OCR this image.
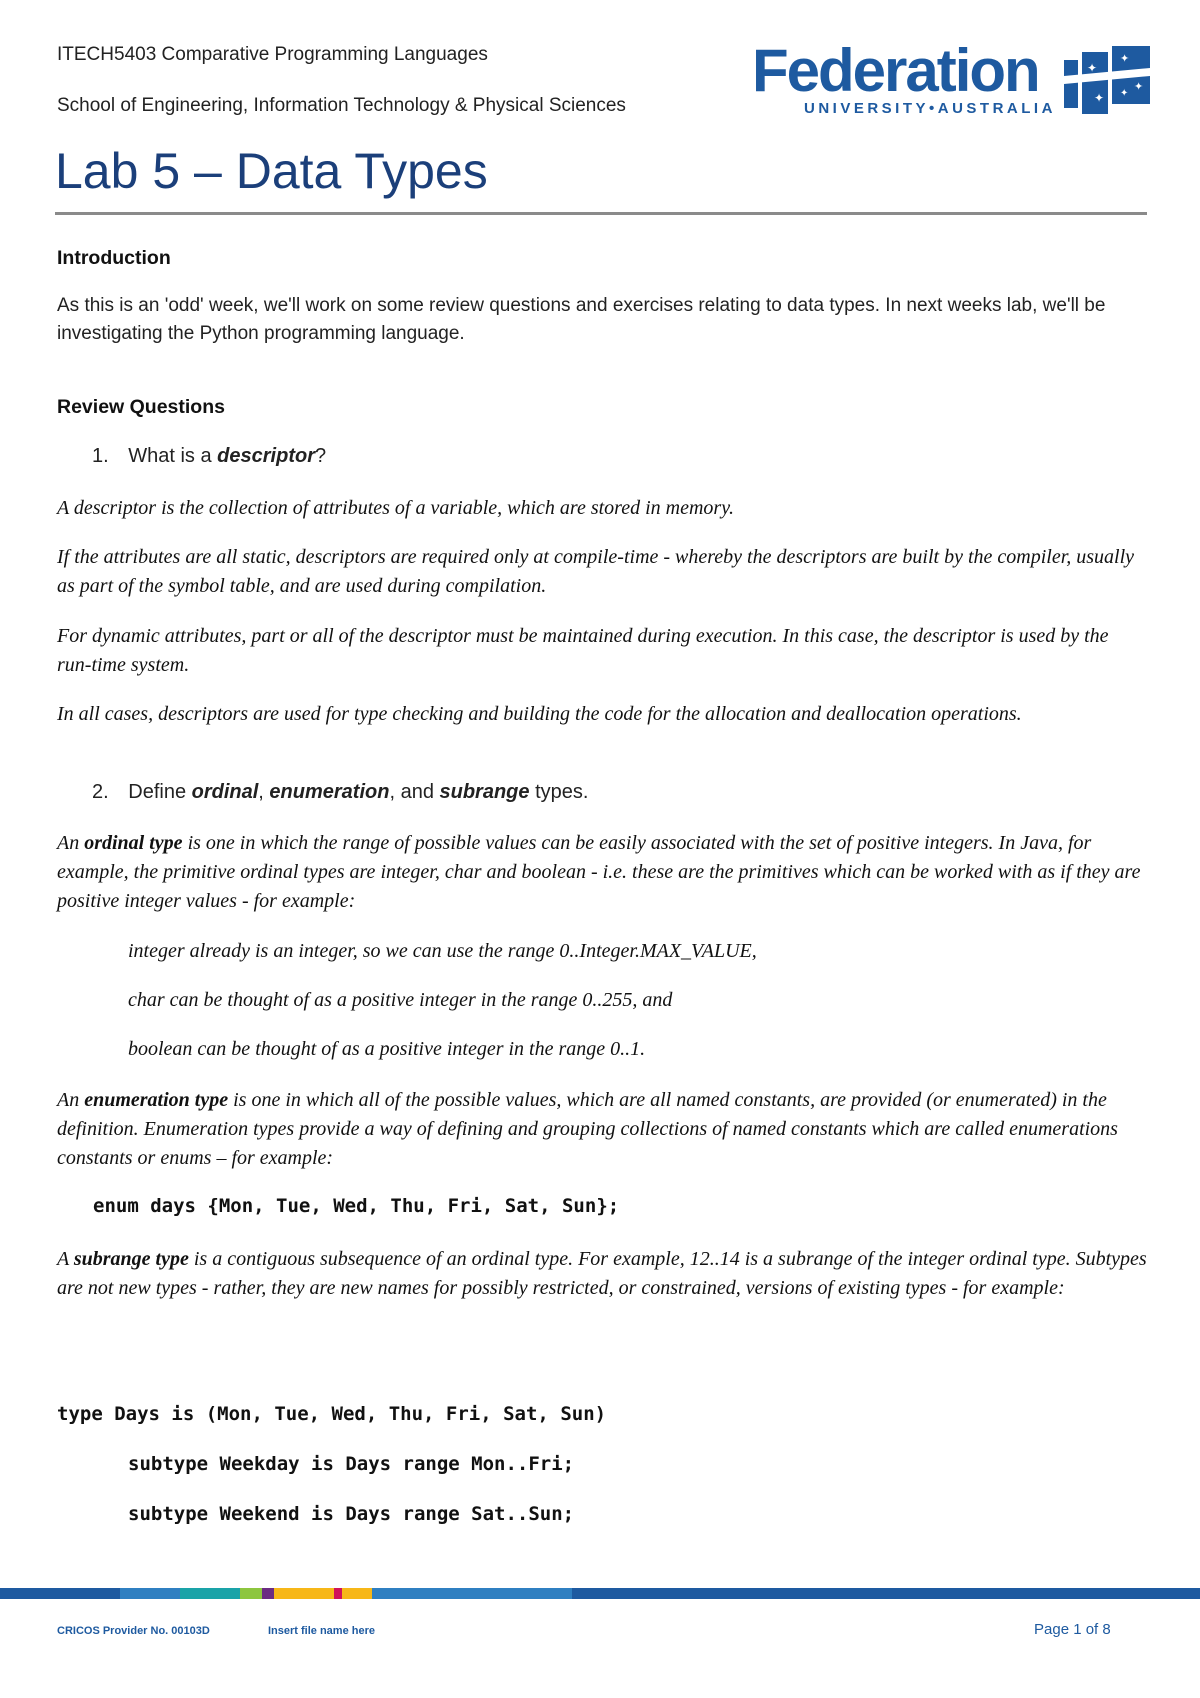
ITECH5403 Comparative Programming Languages
School of Engineering, Information Technology & Physical Sciences
Federation
UNIVERSITY•AUSTRALIA
✦
✦
✦
✦
✦
Lab 5 – Data Types
Introduction
As this is an 'odd' week, we'll work on some review questions and exercises relating to data types. In next weeks lab, we'll be investigating the Python programming language.
Review Questions
1. What is a descriptor?
A descriptor is the collection of attributes of a variable, which are stored in memory.
If the attributes are all static, descriptors are required only at compile-time - whereby the descriptors are built by the compiler, usually as part of the symbol table, and are used during compilation.
For dynamic attributes, part or all of the descriptor must be maintained during execution. In this case, the descriptor is used by the run-time system.
In all cases, descriptors are used for type checking and building the code for the allocation and deallocation operations.
2. Define ordinal, enumeration, and subrange types.
An ordinal type is one in which the range of possible values can be easily associated with the set of positive integers. In Java, for example, the primitive ordinal types are integer, char and boolean - i.e. these are the primitives which can be worked with as if they are positive integer values - for example:
integer already is an integer, so we can use the range 0..Integer.MAX_VALUE,
char can be thought of as a positive integer in the range 0..255, and
boolean can be thought of as a positive integer in the range 0..1.
An enumeration type is one in which all of the possible values, which are all named constants, are provided (or enumerated) in the definition. Enumeration types provide a way of defining and grouping collections of named constants which are called enumerations constants or enums – for example:
enum days {Mon, Tue, Wed, Thu, Fri, Sat, Sun};
A subrange type is a contiguous subsequence of an ordinal type. For example, 12..14 is a subrange of the integer ordinal type. Subtypes are not new types - rather, they are new names for possibly restricted, or constrained, versions of existing types - for example:
type Days is (Mon, Tue, Wed, Thu, Fri, Sat, Sun)
subtype Weekday is Days range Mon..Fri;
subtype Weekend is Days range Sat..Sun;
CRICOS Provider No. 00103D	Insert file name here	Page 1 of 8
